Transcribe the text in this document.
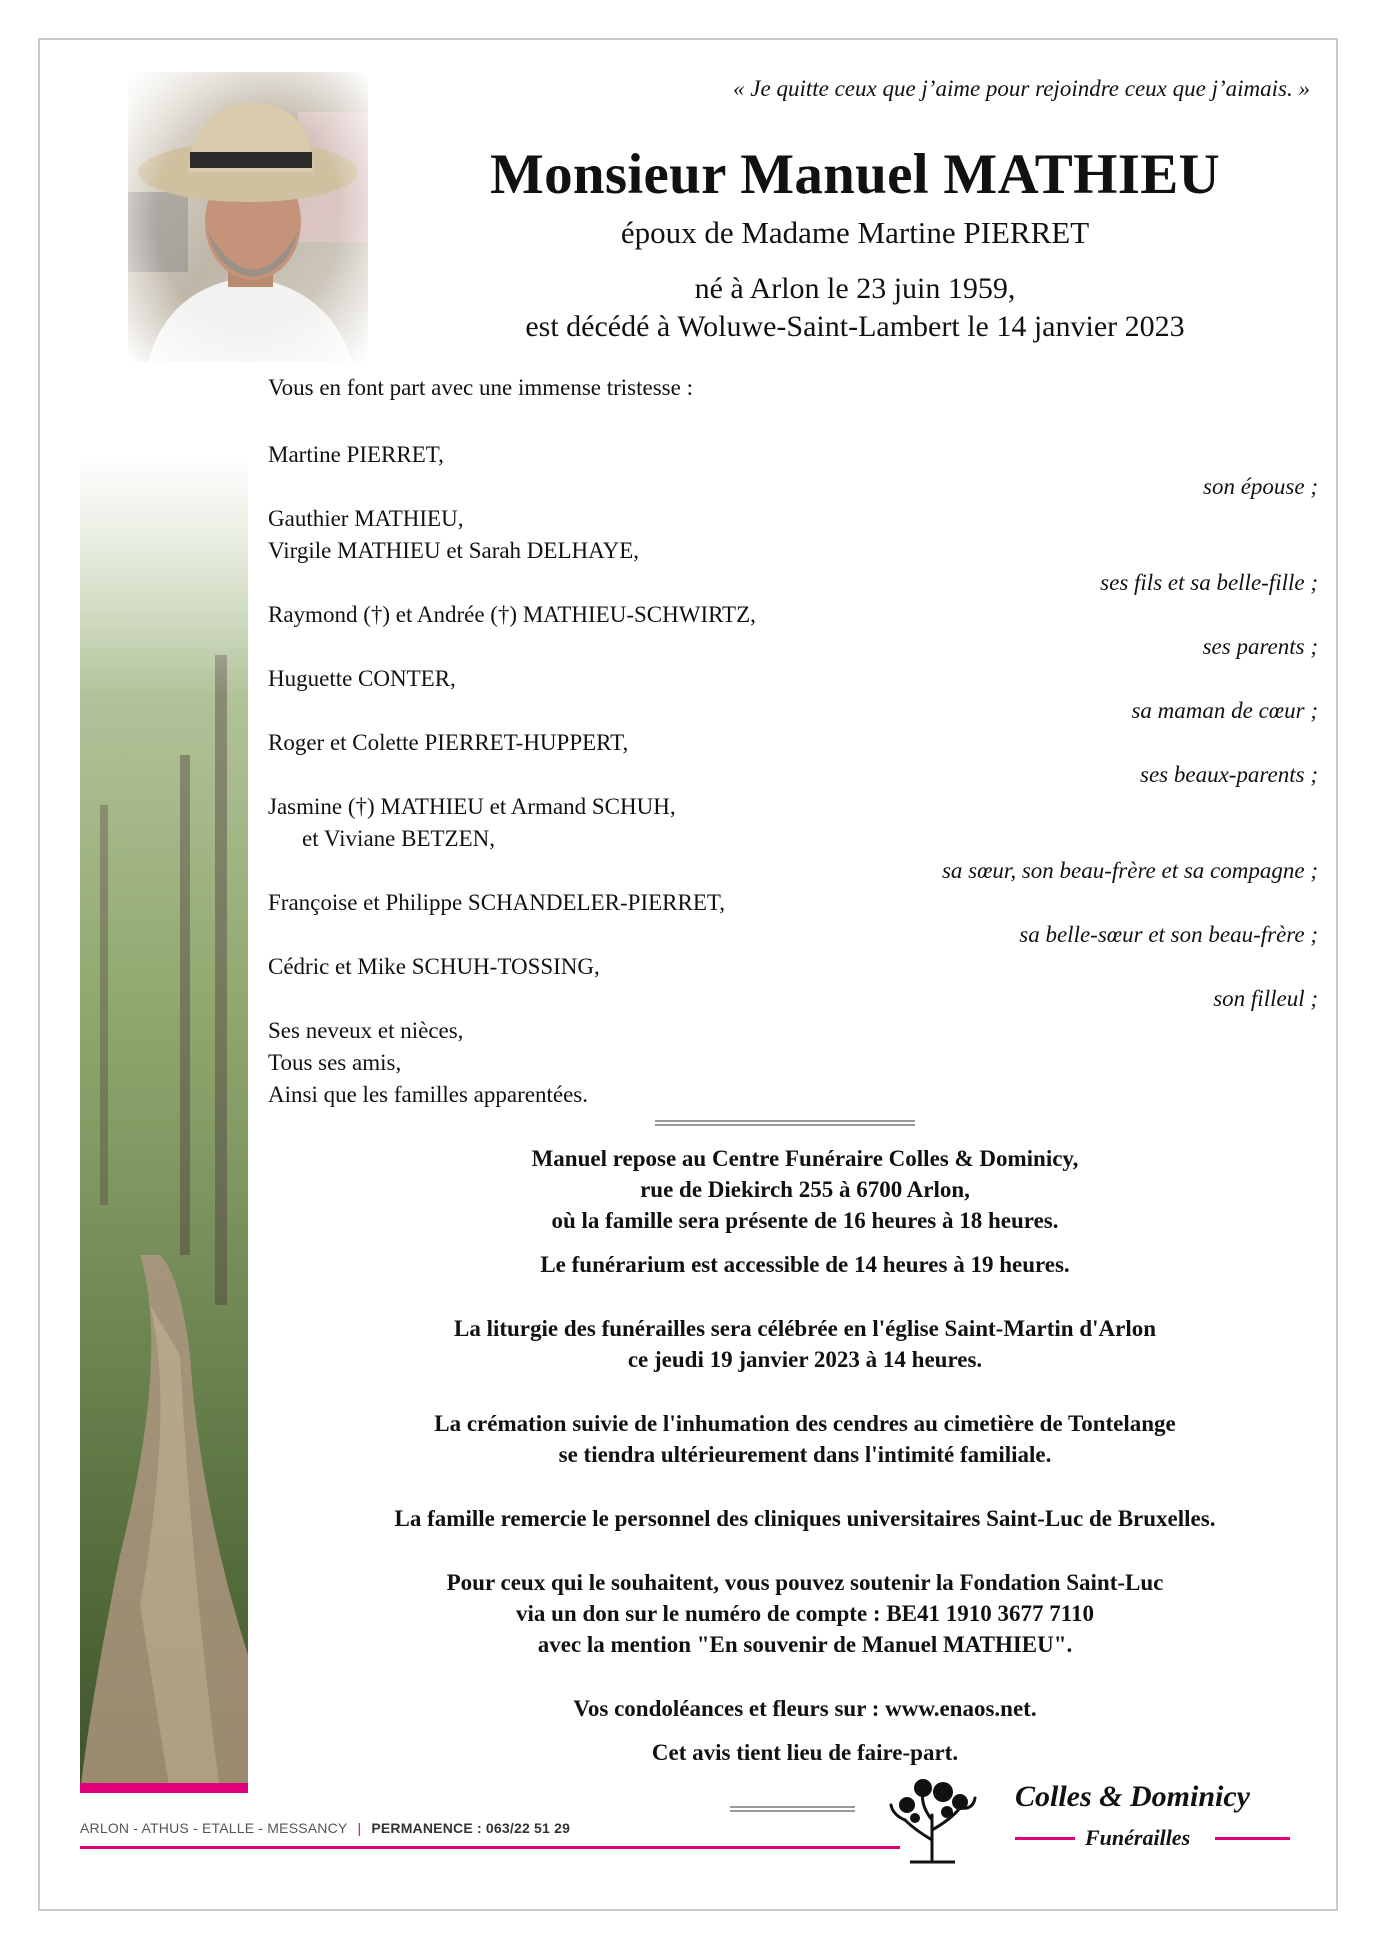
« Je quitte ceux que j’aime pour rejoindre ceux que j’aimais. »
Monsieur Manuel MATHIEU
époux de Madame Martine PIERRET
né à Arlon le 23 juin 1959,
est décédé à Woluwe-Saint-Lambert le 14 janvier 2023
Vous en font part avec une immense tristesse :
Martine PIERRET,
son épouse ;
Gauthier MATHIEU,
Virgile MATHIEU et Sarah DELHAYE,
ses fils et sa belle-fille ;
Raymond (†) et Andrée (†) MATHIEU-SCHWIRTZ,
ses parents ;
Huguette CONTER,
sa maman de cœur ;
Roger et Colette PIERRET-HUPPERT,
ses beaux-parents ;
Jasmine (†) MATHIEU et Armand SCHUH,
et Viviane BETZEN,
sa sœur, son beau-frère et sa compagne ;
Françoise et Philippe SCHANDELER-PIERRET,
sa belle-sœur et son beau-frère ;
Cédric et Mike SCHUH-TOSSING,
son filleul ;
Ses neveux et nièces,
Tous ses amis,
Ainsi que les familles apparentées.

Manuel repose au Centre Funéraire Colles & Dominicy,

rue de Diekirch 255 à 6700 Arlon,

où la famille sera présente de 16 heures à 18 heures.

Le funérarium est accessible de 14 heures à 19 heures.

La liturgie des funérailles sera célébrée en l'église Saint-Martin d'Arlon

ce jeudi 19 janvier 2023 à 14 heures.

La crémation suivie de l'inhumation des cendres au cimetière de Tontelange

se tiendra ultérieurement dans l'intimité familiale.

La famille remercie le personnel des cliniques universitaires Saint-Luc de Bruxelles.

Pour ceux qui le souhaitent, vous pouvez soutenir la Fondation Saint-Luc

via un don sur le numéro de compte : BE41 1910 3677 7110

avec la mention "En souvenir de Manuel MATHIEU".

Vos condoléances et fleurs sur : www.enaos.net.

Cet avis tient lieu de faire-part.

ARLON - ATHUS - ETALLE - MESSANCY | PERMANENCE : 063/22 51 29
Colles & Dominicy
Funérailles
